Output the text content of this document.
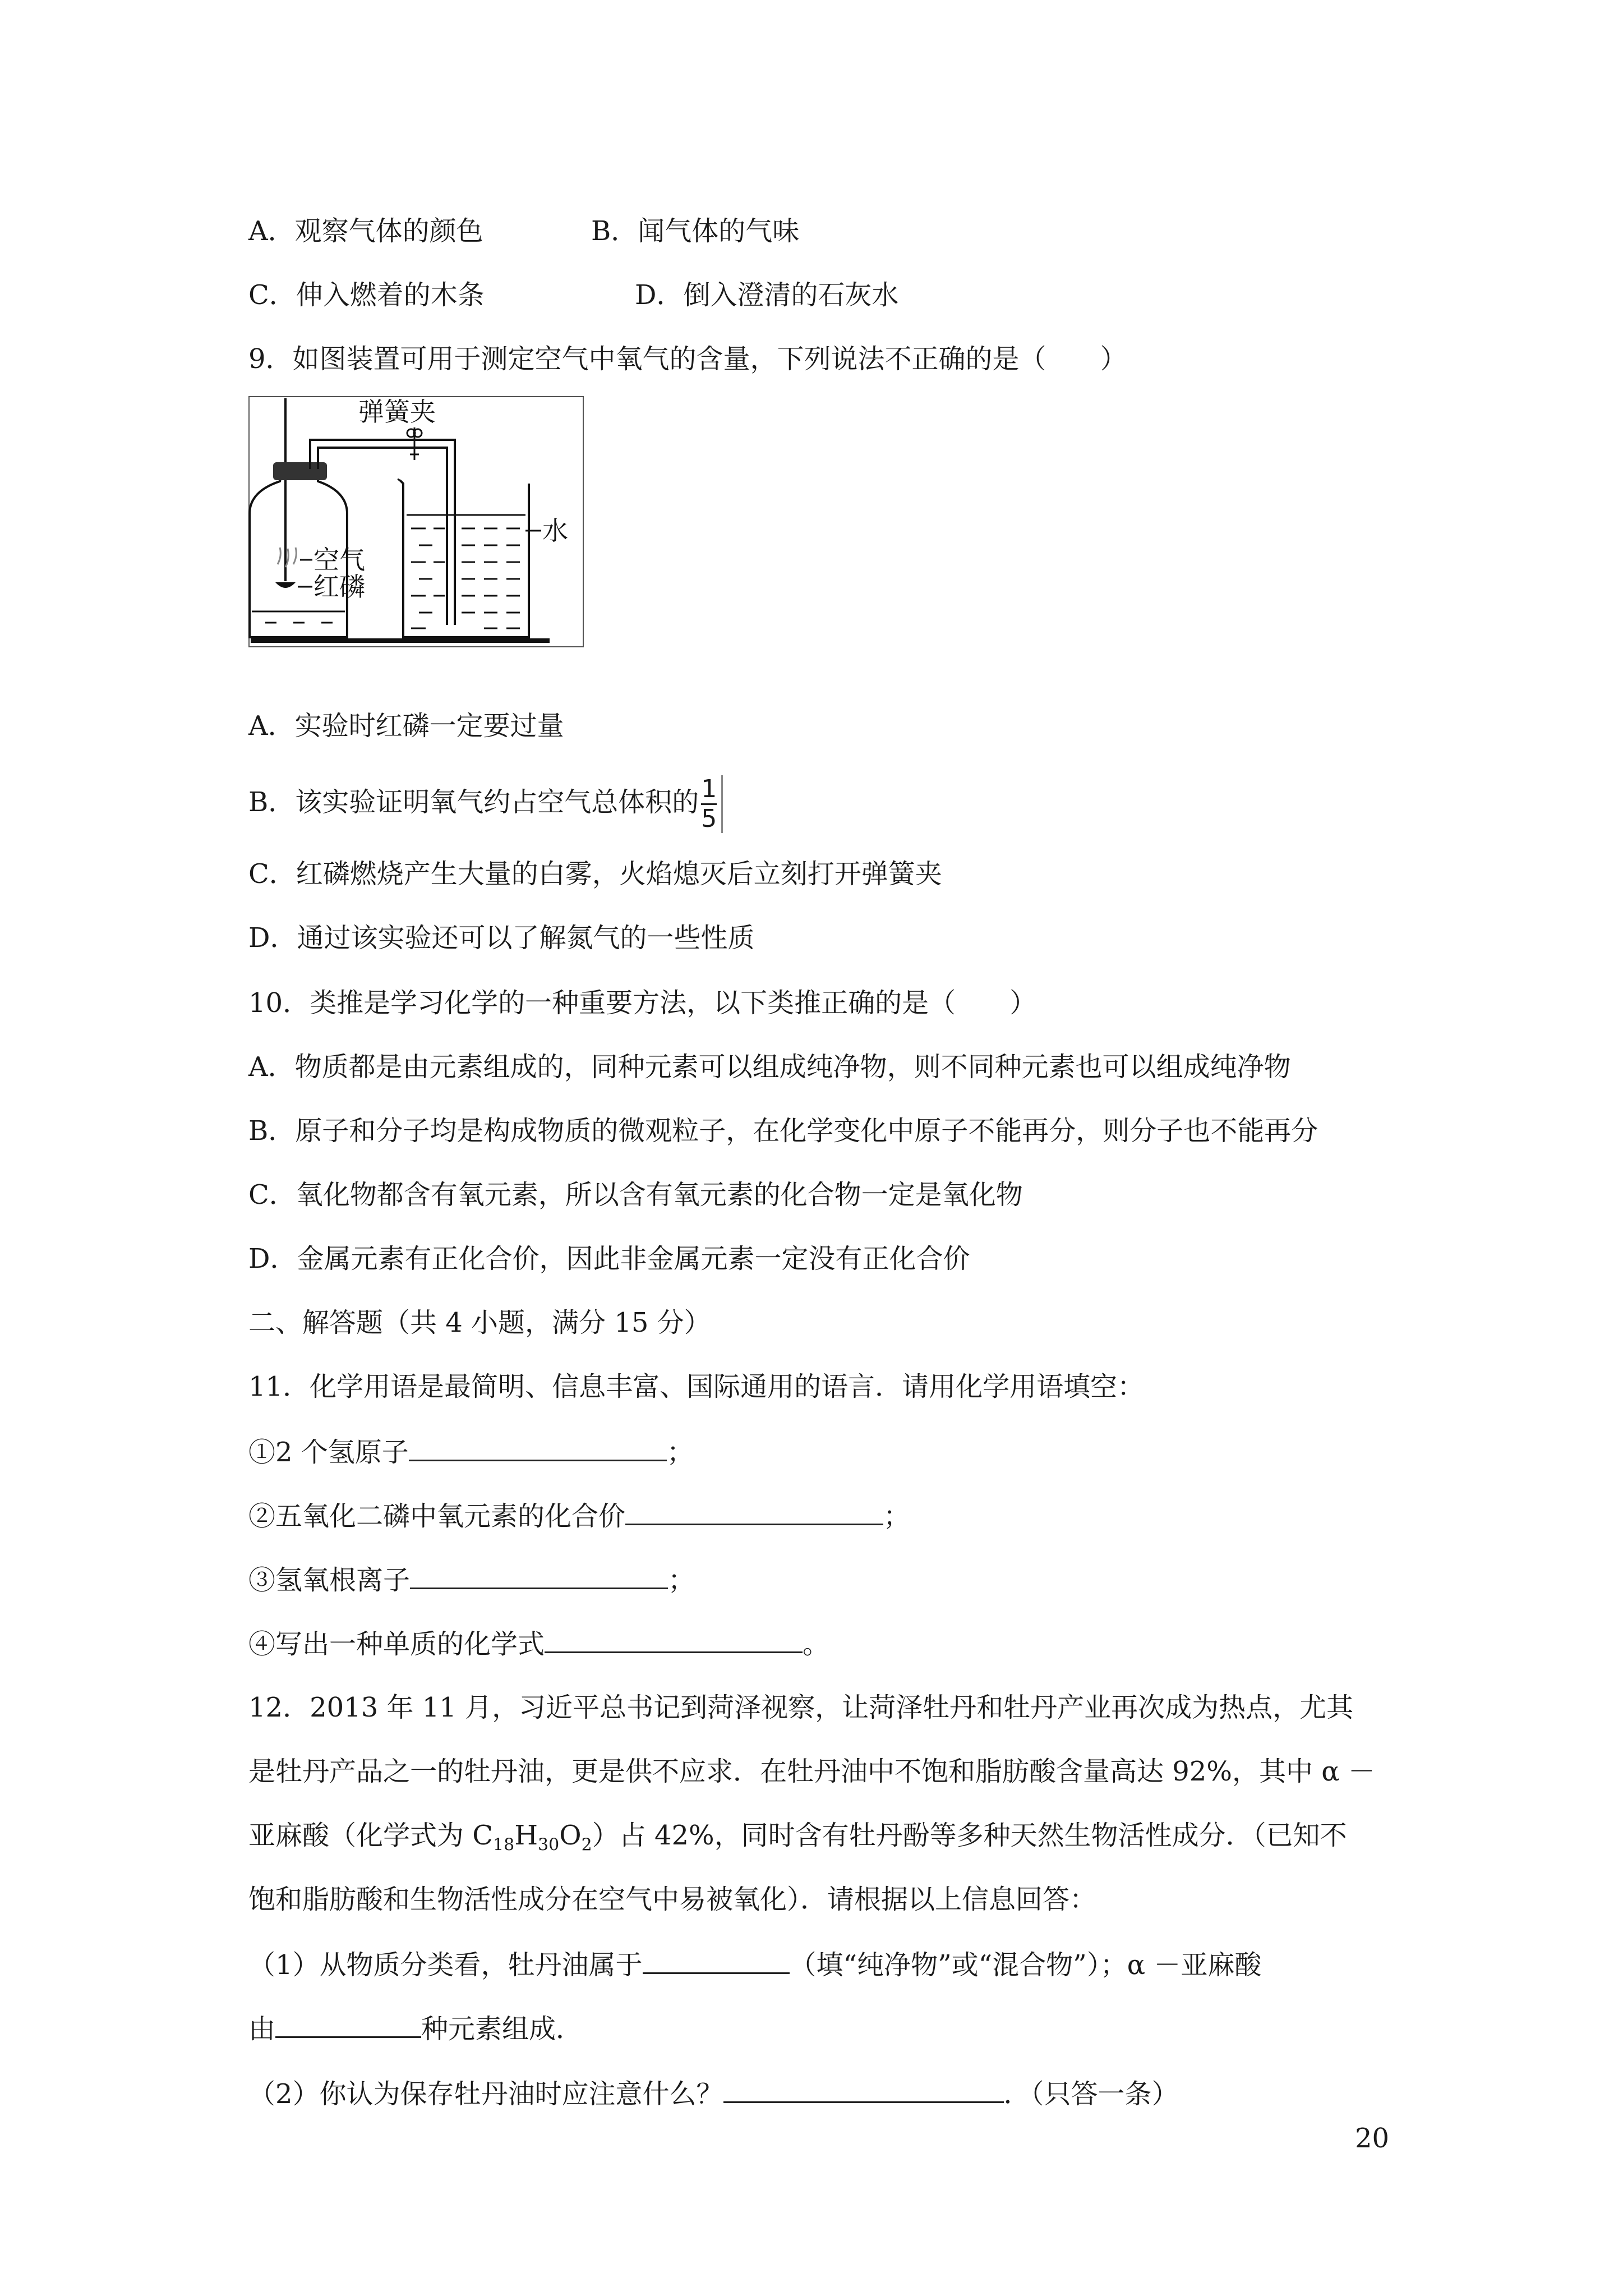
A．观察气体的颜色	B．闻气体的气味
C．伸入燃着的木条	D．倒入澄清的石灰水
9．如图装置可用于测定空气中氧气的含量，下列说法不正确的是（　　）
弹簧夹
空气
红磷
水
A．实验时红磷一定要过量
B．该实验证明氧气约占空气总体积的 $\frac{1}{5}$
C．红磷燃烧产生大量的白雾，火焰熄灭后立刻打开弹簧夹
D．通过该实验还可以了解氮气的一些性质
10．类推是学习化学的一种重要方法，以下类推正确的是（　　）
A．物质都是由元素组成的，同种元素可以组成纯净物，则不同种元素也可以组成纯净物
B．原子和分子均是构成物质的微观粒子，在化学变化中原子不能再分，则分子也不能再分
C．氧化物都含有氧元素，所以含有氧元素的化合物一定是氧化物
D．金属元素有正化合价，因此非金属元素一定没有正化合价
二、解答题（共 4 小题，满分 15 分）
11．化学用语是最简明、信息丰富、国际通用的语言．请用化学用语填空：
①2 个氢原子	；
②五氧化二磷中氧元素的化合价	；
③氢氧根离子	；
④写出一种单质的化学式	。
12．2013 年 11 月，习近平总书记到菏泽视察，让菏泽牡丹和牡丹产业再次成为热点，尤其
是牡丹产品之一的牡丹油，更是供不应求．在牡丹油中不饱和脂肪酸含量高达 92%，其中 α －
亚麻酸（化学式为 $C_{18}H_{30}O_2$）占 42%，同时含有牡丹酚等多种天然生物活性成分．（已知不
饱和脂肪酸和生物活性成分在空气中易被氧化）．请根据以上信息回答：
（1）从物质分类看，牡丹油属于	（填“纯净物”或“混合物”）；α －亚麻酸
由	种元素组成．
（2）你认为保存牡丹油时应注意什么？	．（只答一条）
20
